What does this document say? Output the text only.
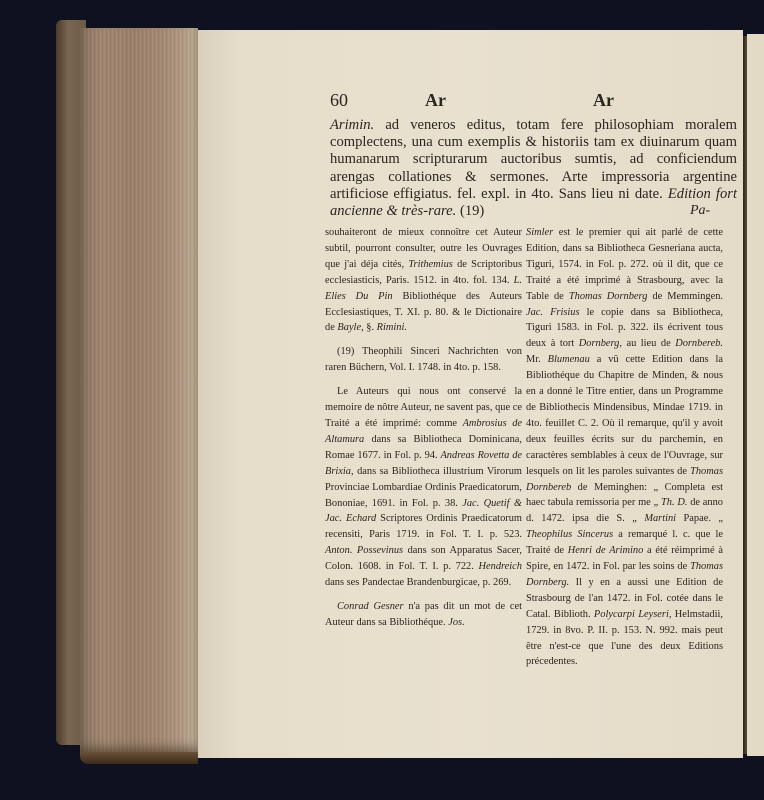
60	Ar	Ar

Arimin. ad veneros editus, totam fere philosophiam moralem complectens, una cum exemplis & historiis tam ex diuinarum quam humanarum scripturarum auctoribus sumtis, ad conficiendum arengas collationes & sermones. Arte impressoria argentine artificiose effigiatus. fel. expl. in 4to. Sans lieu ni date. Edition fort ancienne & très-rare. (19)	Pa-

souhaiteront de mieux connoître cet Auteur subtil, pourront consulter, outre les Ouvrages que j'ai déja cités, Trithemius de Scriptoribus ecclesiasticis, Paris. 1512. in 4to. fol. 134. L. Elies Du Pin Bibliothéque des Auteurs Ecclesiastiques, T. XI. p. 80. & le Dictionaire de Bayle, §. Rimini.

(19) Theophili Sinceri Nachrichten von raren Büchern, Vol. I. 1748. in 4to. p. 158.

Le Auteurs qui nous ont conservé la memoire de nôtre Auteur, ne savent pas, que ce Traité a été imprimé: comme Ambrosius de Altamura dans sa Bibliotheca Dominicana, Romae 1677. in Fol. p. 94. Andreas Rovetta de Brixia, dans sa Bibliotheca illustrium Virorum Provinciae Lombardiae Ordinis Praedicatorum, Bononiae, 1691. in Fol. p. 38. Jac. Quetif & Jac. Echard Scriptores Ordinis Praedicatorum recensiti, Paris 1719. in Fol. T. I. p. 523. Anton. Possevinus dans son Apparatus Sacer, Colon. 1608. in Fol. T. I. p. 722. Hendreich dans ses Pandectae Brandenburgicae, p. 269.

Conrad Gesner n'a pas dit un mot de cet Auteur dans sa Bibliothéque. Jos.

Simler est le premier qui ait parlé de cette Edition, dans sa Bibliotheca Gesneriana aucta, Tiguri, 1574. in Fol. p. 272. où il dit, que ce Traité a été imprimé à Strasbourg, avec la Table de Thomas Dornberg de Memmingen. Jac. Frisius le copie dans sa Bibliotheca, Tiguri 1583. in Fol. p. 322. ils écrivent tous deux à tort Dornberg, au lieu de Dornbereb. Mr. Blumenau a vû cette Edition dans la Bibliothéque du Chapitre de Minden, & nous en a donné le Titre entier, dans un Programme de Bibliothecis Mindensibus, Mindae 1719. in 4to. feuillet C. 2. Où il remarque, qu'il y avoit deux feuilles écrits sur du parchemin, en caractères semblables à ceux de l'Ouvrage, sur lesquels on lit les paroles suivantes de Thomas Dornbereb de Meminghen: „ Completa est haec tabula remissoria per me „ Th. D. de anno d. 1472. ipsa die S. „ Martini Papae. „ Theophilus Sincerus a remarqué l. c. que le Traité de Henri de Arimino a été réimprimé à Spire, en 1472. in Fol. par les soins de Thomas Dornberg. Il y en a aussi une Edition de Strasbourg de l'an 1472. in Fol. cotée dans le Catal. Biblioth. Polycarpi Leyseri, Helmstadii, 1729. in 8vo. P. II. p. 153. N. 992. mais peut être n'est-ce que l'une des deux Editions précedentes.
